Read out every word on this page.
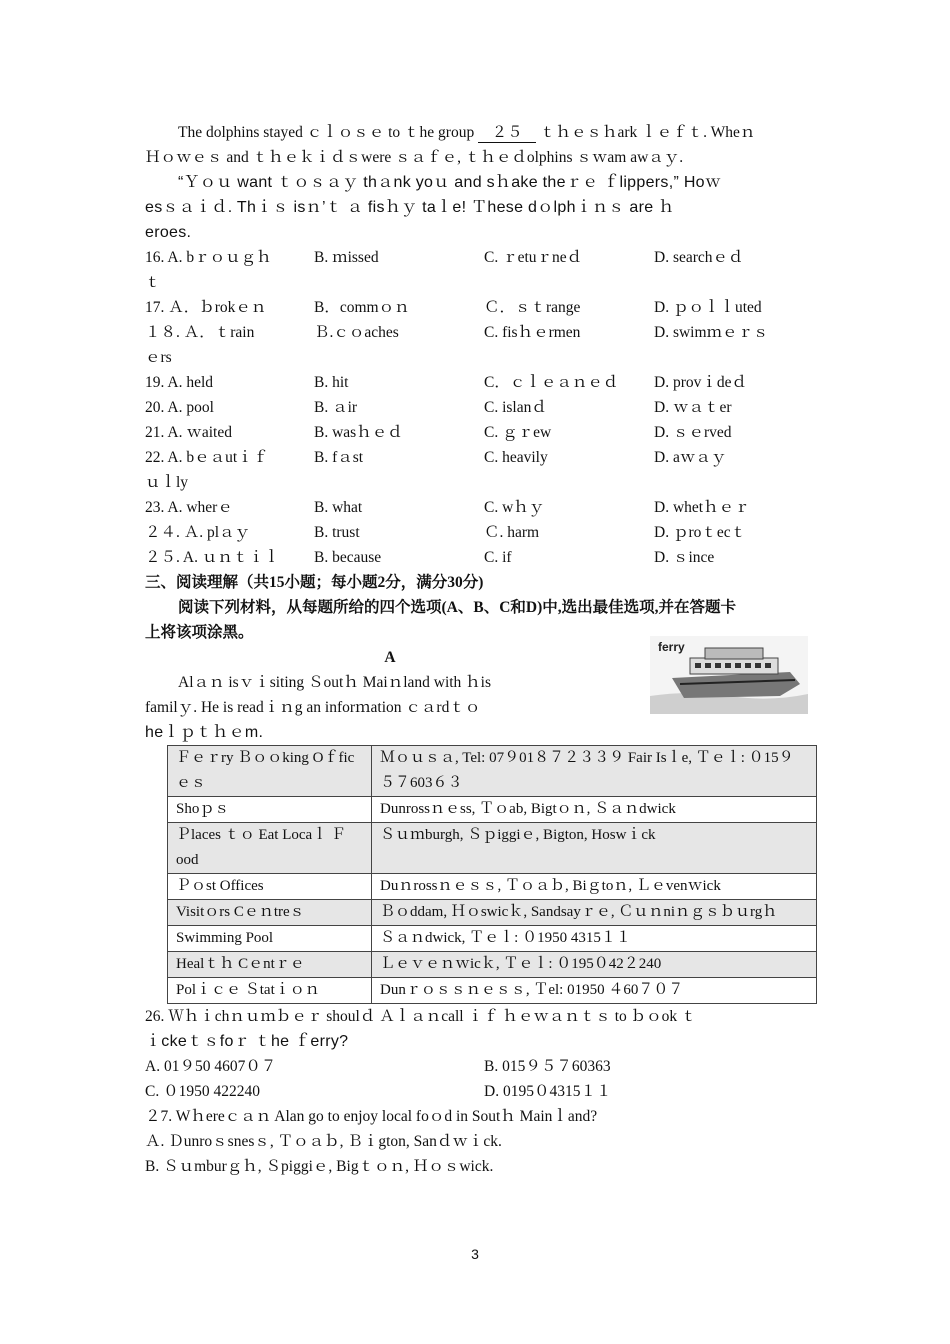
The dolphins stayed ｃｌｏｓｅ to ｔhe group ２５ ｔｈｅｓｈark ｌｅｆｔ. Wheｎ
Ｈｏｗｅｓ and ｔｈｅｋｉｄｓwere ｓａｆｅ, ｔｈｅｄolphins ｓｗam awａｙ.
“Ｙｏｕ want ｔｏｓａｙ thａnk yoｕ and sｈake theｒｅ ｆlippers,” Hoｗ
esｓａｉｄ. Thｉｓ isｎ’ｔ ａ fisｈｙ taｌe! Ｔhese dｏlphｉｎｓ are ｈ
eroes.
16. A. bｒｏｕｇｈ	B. ｍissed	C. ｒetuｒneｄ	D. searchｅｄ
ｔ
17. Ａ．ｂrokｅｎ	B．commｏｎ	Ｃ．ｓｔrange	D. ｐｏｌｌuted
１８. Ａ．ｔrain	Ｂ.ｃｏaches	C. fisｈｅrmen	D. swimｍｅｒｓ
ｅrs
19. A. held	B. hit	C．ｃｌｅａｎｅｄ D. provｉdeｄ
20. A. pool	B. ａir	C. islanｄ	D. ｗａｔer
21. A. ｗaited	B. wasｈｅｄ	C. ｇｒew	D. ｓｅrved
22. A. bｅａutｉｆ	B. fａst	C. heavily	D. aｗａｙ
ｕｌly
23. A. wherｅ	B. what	C. wｈｙ	D. whetｈｅｒ
２４. Ａ. plａｙ	B. trust	Ｃ. harm	D. ｐroｔecｔ
２５. A. ｕｎｔｉｌ B. because	C. if	D. ｓince
三、阅读理解（共15小题；每小题2分，满分30分)
阅读下列材料，从每题所给的四个选项(A、B、C和D)中,选出最佳选项,并在答题卡
上将该项涂黑。
A
Alａｎ isｖｉsiting Ｓoutｈ Maiｎland with ｈis
familｙ. He is readｉｎg an inforｍation ｃａrdｔｏ
heｌｐｔｈｅm.
Ｆｅｒry Ｂｏｏking Oｆficｅｓ	Ｍｏｕｓａ, Tel: 07９01８７２３３９ Fair Isｌe, Ｔｅｌ: ０15９５７603６３
Shoｐｓ	Dunrossｎｅss, Ｔｏab, Bigtｏｎ, Ｓａｎdwick
Ｐlaces ｔｏ Eat Locaｌ Ｆood	Ｓｕｍburgh, Ｓｐiggiｅ, Bigton, Hoswｉck
Ｐｏst Offices	Duｎrossｎｅｓｓ, Ｔｏａｂ, Biｇtoｎ, Ｌｅvenｗick
Visitｏrs Cｅｎtreｓ	Ｂｏddam, Ｈｏswicｋ, Sandsayｒｅ, Ｃｕｎniｎｇｓｂｕrgｈ
Swimming Pool	Ｓａｎdwick, Ｔｅｌ: ０1950 4315１１
Healｔｈ Cｅntｒｅ	Ｌｅｖｅｎｗicｋ, Ｔｅｌ: ０195０42２240
Polｉｃｅ Ｓtatｉｏｎ	Dunｒｏｓｓｎｅｓｓ, Ｔel: 01950 ４60７０７
26. Ｗｈｉchｎｕｍｂｅｒ shoulｄ Ａｌａｎcall ｉｆ ｈｅｗａｎｔｓ to ｂｏok ｔ
ｉckeｔｓfoｒ ｔhe ｆerry?
A. 01９50 4607０７	B. 015９５７60363
C. ０1950 422240	D. 0195０4315１１
２7. Wｈereｃａｎ Alan go to enjoy local foｏd in Soutｈ Mainｌand?
Ａ. Ｄunroｓsnesｓ, Ｔｏａｂ, Ｂｉgton, Sanｄｗｉck.
B. Ｓｕmburｇｈ, Ｓpiggiｅ, Bigｔｏｎ, Ｈｏｓwick.
ferry
3
